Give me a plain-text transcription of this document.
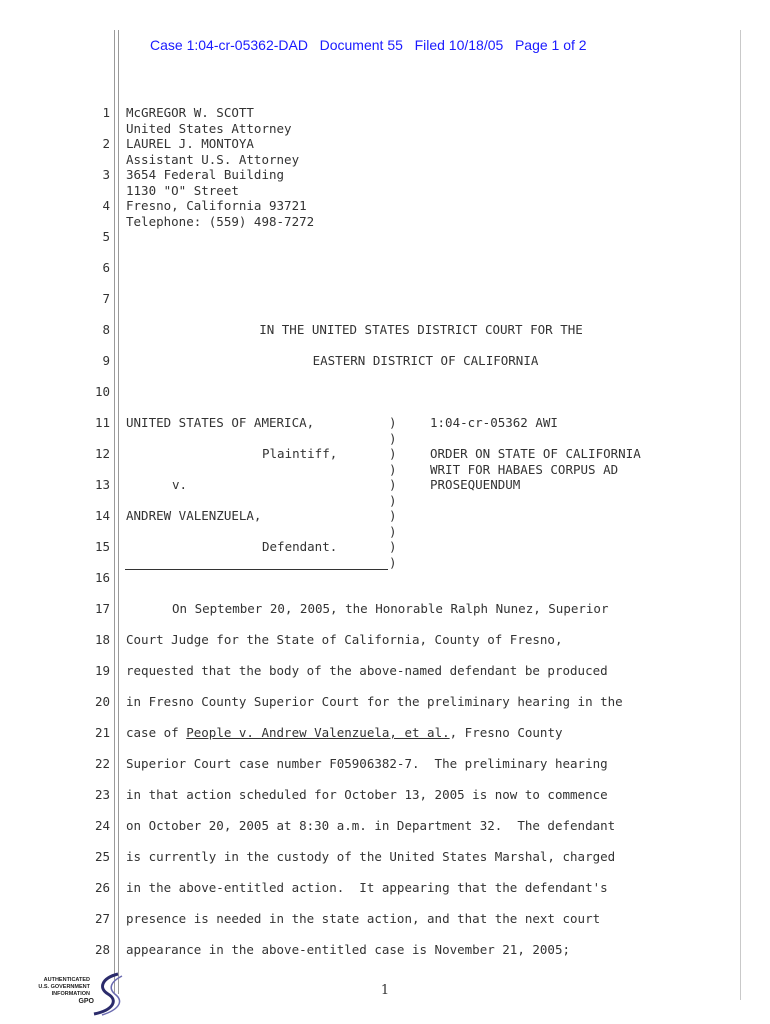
Case 1:04-cr-05362-DAD   Document 55   Filed 10/18/05   Page 1 of 2
1
2
3
4
5
6
7
8
9
10
11
12
13
14
15
16
17
18
19
20
21
22
23
24
25
26
27
28
McGREGOR W. SCOTT
United States Attorney
LAUREL J. MONTOYA
Assistant U.S. Attorney
3654 Federal Building
1130 "O" Street
Fresno, California 93721
Telephone: (559) 498-7272
IN THE UNITED STATES DISTRICT COURT FOR THE
EASTERN DISTRICT OF CALIFORNIA
UNITED STATES OF AMERICA,
Plaintiff,
v.
ANDREW VALENZUELA,
Defendant.
)
)
)
)
)
)
)
)
)
)
1:04-cr-05362 AWI
ORDER ON STATE OF CALIFORNIA
WRIT FOR HABAES CORPUS AD
PROSEQUENDUM
On September 20, 2005, the Honorable Ralph Nunez, Superior
Court Judge for the State of California, County of Fresno,
requested that the body of the above-named defendant be produced
in Fresno County Superior Court for the preliminary hearing in the
case of People v. Andrew Valenzuela, et al., Fresno County
Superior Court case number F05906382-7.  The preliminary hearing
in that action scheduled for October 13, 2005 is now to commence
on October 20, 2005 at 8:30 a.m. in Department 32.  The defendant
is currently in the custody of the United States Marshal, charged
in the above-entitled action.  It appearing that the defendant's
presence is needed in the state action, and that the next court
appearance in the above-entitled case is November 21, 2005;
1
AUTHENTICATED
U.S. GOVERNMENT
INFORMATION
GPO
